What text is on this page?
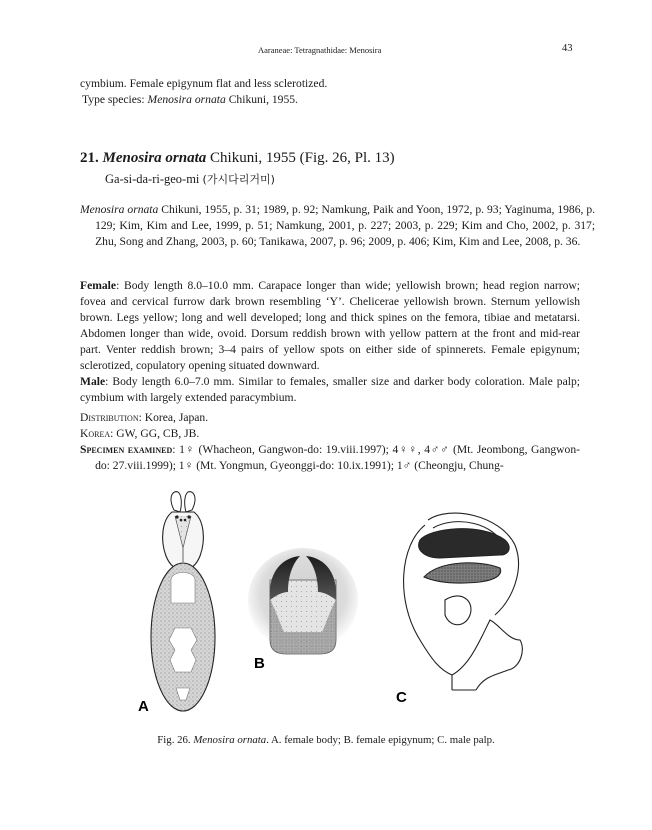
Aaraneae: Tetragnathidae: Menosira	43
cymbium. Female epigynum flat and less sclerotized.
Type species: Menosira ornata Chikuni, 1955.
21. Menosira ornata Chikuni, 1955 (Fig. 26, Pl. 13)
Ga-si-da-ri-geo-mi (가시다리거미)
Menosira ornata Chikuni, 1955, p. 31; 1989, p. 92; Namkung, Paik and Yoon, 1972, p. 93; Yaginuma, 1986, p. 129; Kim, Kim and Lee, 1999, p. 51; Namkung, 2001, p. 227; 2003, p. 229; Kim and Cho, 2002, p. 317; Zhu, Song and Zhang, 2003, p. 60; Tanikawa, 2007, p. 96; 2009, p. 406; Kim, Kim and Lee, 2008, p. 36.
Female: Body length 8.0–10.0 mm. Carapace longer than wide; yellowish brown; head region narrow; fovea and cervical furrow dark brown resembling ‘Y’. Chelicerae yellowish brown. Sternum yellowish brown. Legs yellow; long and well developed; long and thick spines on the femora, tibiae and metatarsi. Abdomen longer than wide, ovoid. Dorsum reddish brown with yellow pattern at the front and mid-rear part. Venter reddish brown; 3–4 pairs of yellow spots on either side of spinnerets. Female epigynum; sclerotized, copulatory opening situated downward.
Male: Body length 6.0–7.0 mm. Similar to females, smaller size and darker body coloration. Male palp; cymbium with largely extended paracymbium.
Distribution: Korea, Japan.
Korea: GW, GG, CB, JB.
Specimen examined: 1♀ (Whacheon, Gangwon-do: 19.viii.1997); 4♀♀, 4♂♂ (Mt. Jeombong, Gangwon-do: 27.viii.1999); 1♀ (Mt. Yongmun, Gyeonggi-do: 10.ix.1991); 1♂ (Cheongju, Chung-
A
B
C
Fig. 26. Menosira ornata. A. female body; B. female epigynum; C. male palp.
